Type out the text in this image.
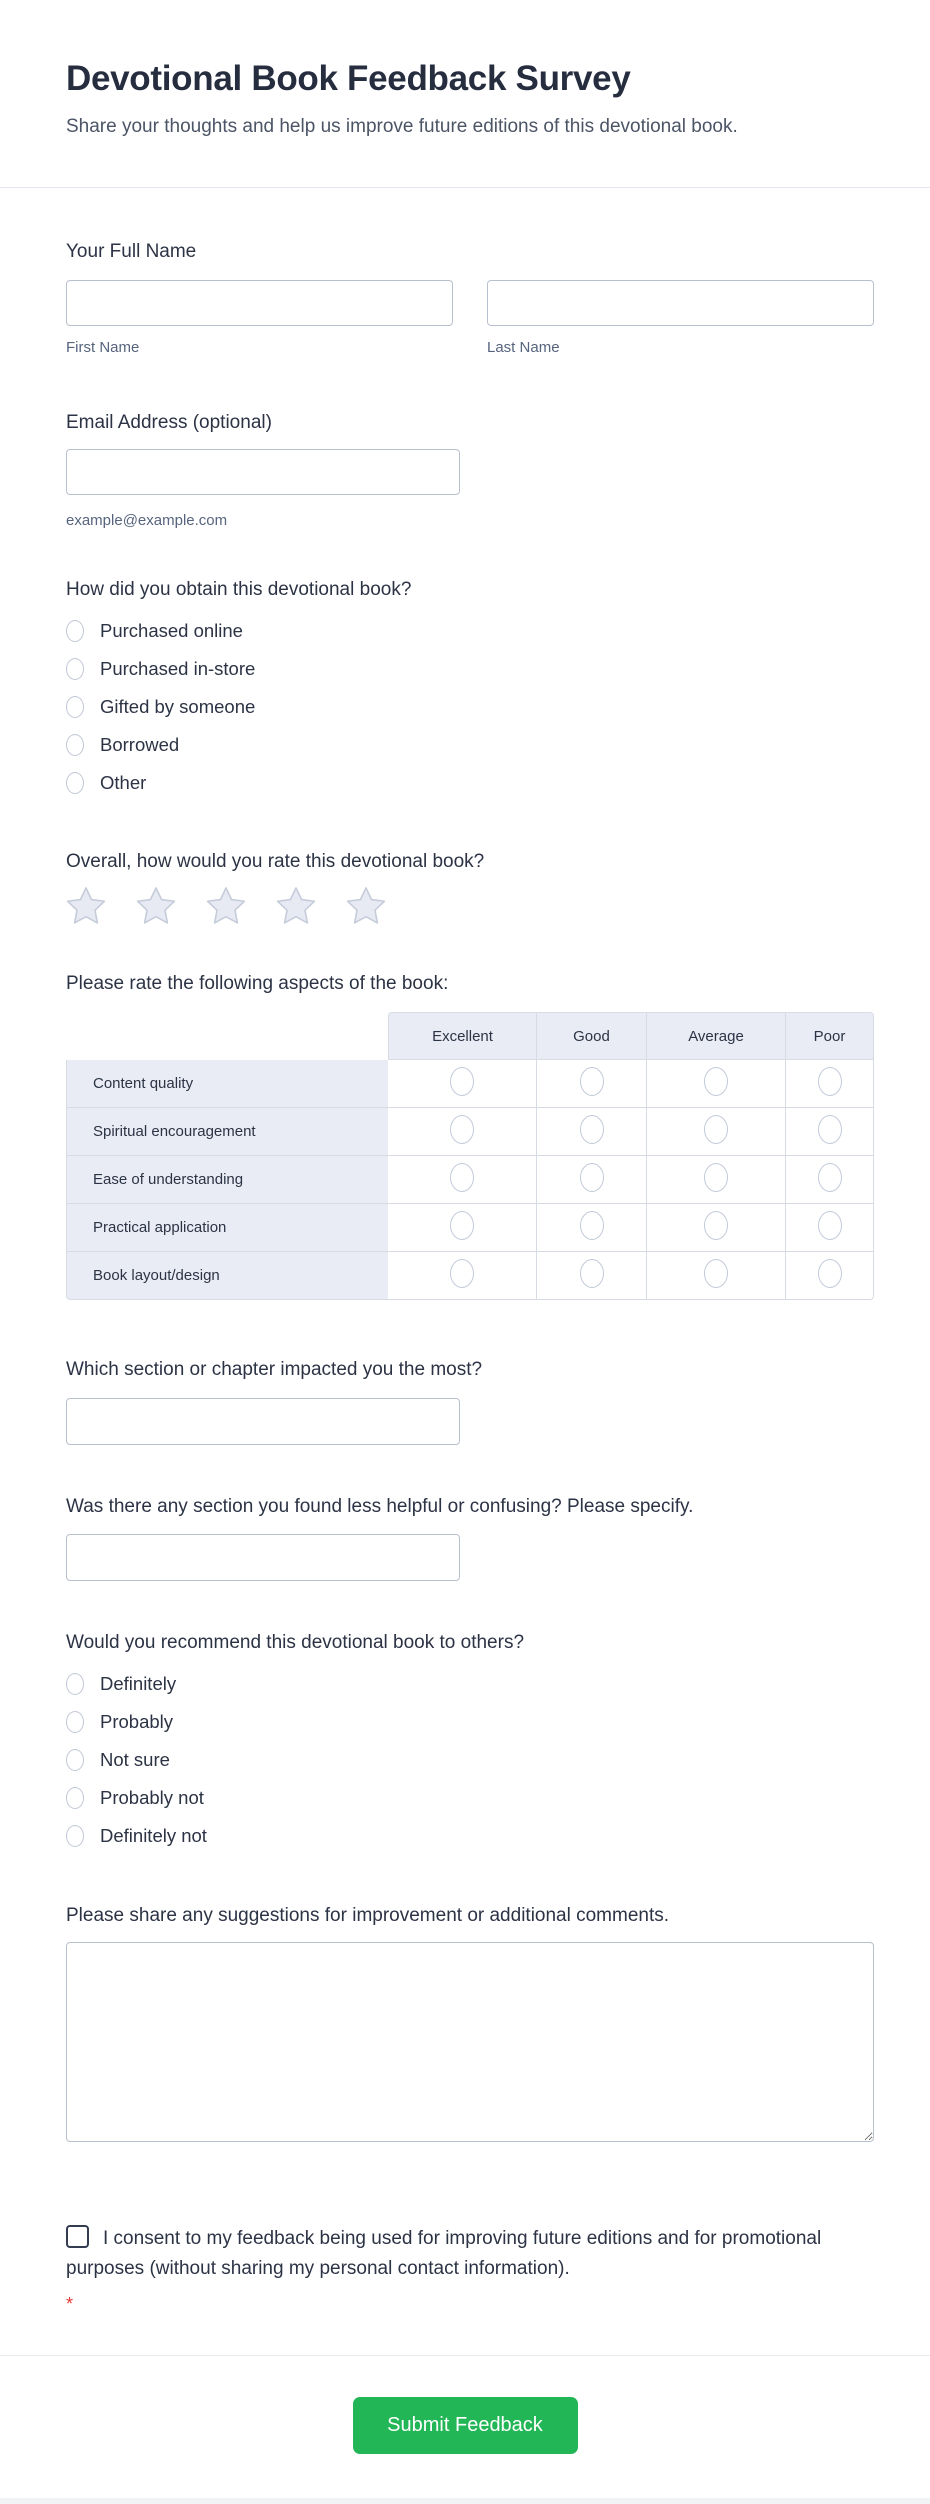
Devotional Book Feedback Survey

Share your thoughts and help us improve future editions of this devotional book.

Your Full Name
First Name	Last Name
Email Address (optional)
example@example.com
How did you obtain this devotional book?
Purchased online
Purchased in-store
Gifted by someone
Borrowed
Other
Overall, how would you rate this devotional book?
Please rate the following aspects of the book:
	Excellent	Good	Average	Poor
Content quality				
Spiritual encouragement				
Ease of understanding				
Practical application				
Book layout/design				
Which section or chapter impacted you the most?
Was there any section you found less helpful or confusing? Please specify.
Would you recommend this devotional book to others?
Definitely
Probably
Not sure
Probably not
Definitely not
Please share any suggestions for improvement or additional comments.
I consent to my feedback being used for improving future editions and for promotional purposes (without sharing my personal contact information).
*
Submit Feedback
